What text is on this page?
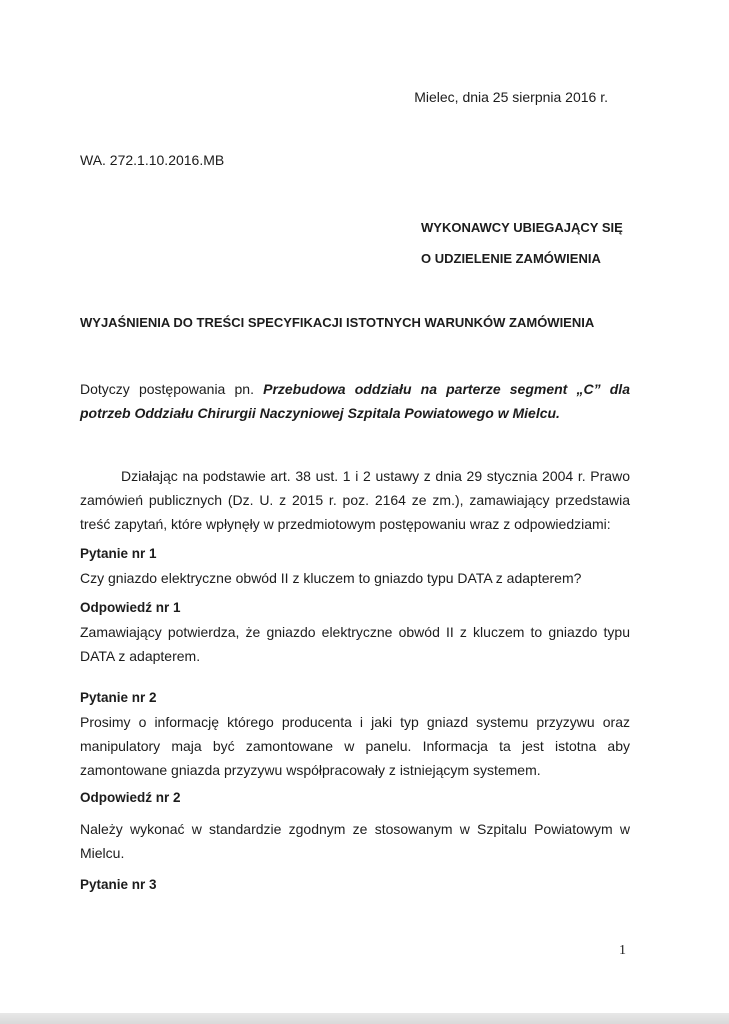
Mielec, dnia 25 sierpnia 2016 r.

WA. 272.1.10.2016.MB

WYKONAWCY UBIEGAJĄCY SIĘ

O UDZIELENIE ZAMÓWIENIA

WYJAŚNIENIA DO TREŚCI SPECYFIKACJI ISTOTNYCH WARUNKÓW ZAMÓWIENIA

Dotyczy postępowania pn. Przebudowa oddziału na parterze segment „C” dla potrzeb Oddziału Chirurgii Naczyniowej Szpitala Powiatowego w Mielcu.

Działając na podstawie art. 38 ust. 1 i 2 ustawy z dnia 29 stycznia 2004 r. Prawo zamówień publicznych (Dz. U. z 2015 r. poz. 2164 ze zm.), zamawiający przedstawia treść zapytań, które wpłynęły w przedmiotowym postępowaniu wraz z odpowiedziami:

Pytanie nr 1

Czy gniazdo elektryczne obwód II z kluczem to gniazdo typu DATA z adapterem?

Odpowiedź nr 1

Zamawiający potwierdza, że gniazdo elektryczne obwód II z kluczem to gniazdo typu DATA z adapterem.

Pytanie nr 2

Prosimy o informację którego producenta i jaki typ gniazd systemu przyzywu oraz manipulatory maja być zamontowane w panelu. Informacja ta jest istotna aby zamontowane gniazda przyzywu współpracowały z istniejącym systemem.

Odpowiedź nr 2

Należy wykonać w standardzie zgodnym ze stosowanym w Szpitalu Powiatowym w Mielcu.

Pytanie nr 3

1
